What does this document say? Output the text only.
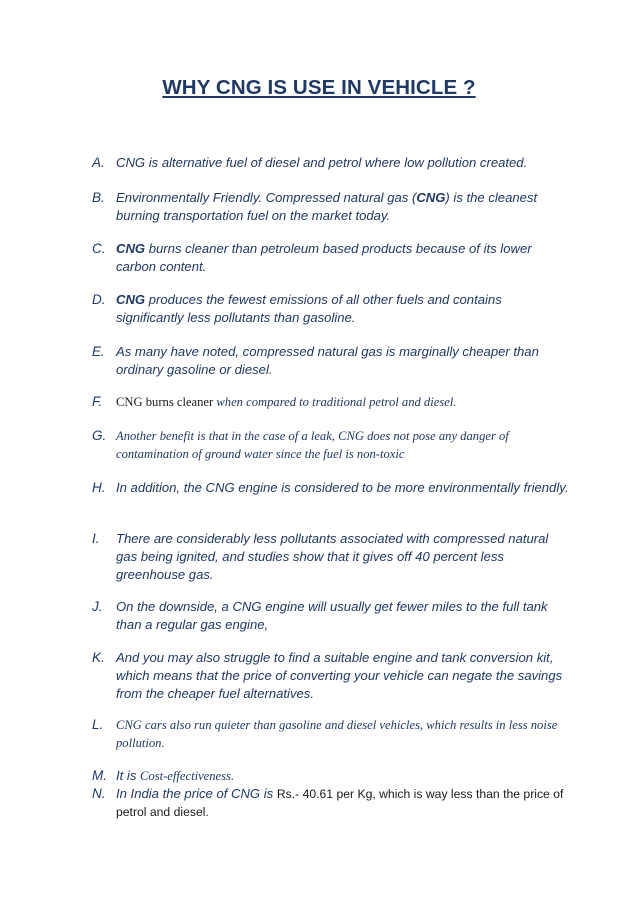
WHY CNG IS USE IN VEHICLE ?
A. CNG is alternative fuel of diesel and petrol where low pollution created.
B. Environmentally Friendly. Compressed natural gas (CNG) is the cleanest burning transportation fuel on the market today.
C. CNG burns cleaner than petroleum based products because of its lower carbon content.
D. CNG produces the fewest emissions of all other fuels and contains significantly less pollutants than gasoline.
E. As many have noted, compressed natural gas is marginally cheaper than ordinary gasoline or diesel.
F. CNG burns cleaner when compared to traditional petrol and diesel.
G. Another benefit is that in the case of a leak, CNG does not pose any danger of contamination of ground water since the fuel is non-toxic
H. In addition, the CNG engine is considered to be more environmentally friendly.
I. There are considerably less pollutants associated with compressed natural gas being ignited, and studies show that it gives off 40 percent less greenhouse gas.
J. On the downside, a CNG engine will usually get fewer miles to the full tank than a regular gas engine,
K. And you may also struggle to find a suitable engine and tank conversion kit, which means that the price of converting your vehicle can negate the savings from the cheaper fuel alternatives.
L. CNG cars also run quieter than gasoline and diesel vehicles, which results in less noise pollution.
M. It is Cost-effectiveness.
N. In India the price of CNG is Rs.- 40.61 per Kg, which is way less than the price of petrol and diesel.
